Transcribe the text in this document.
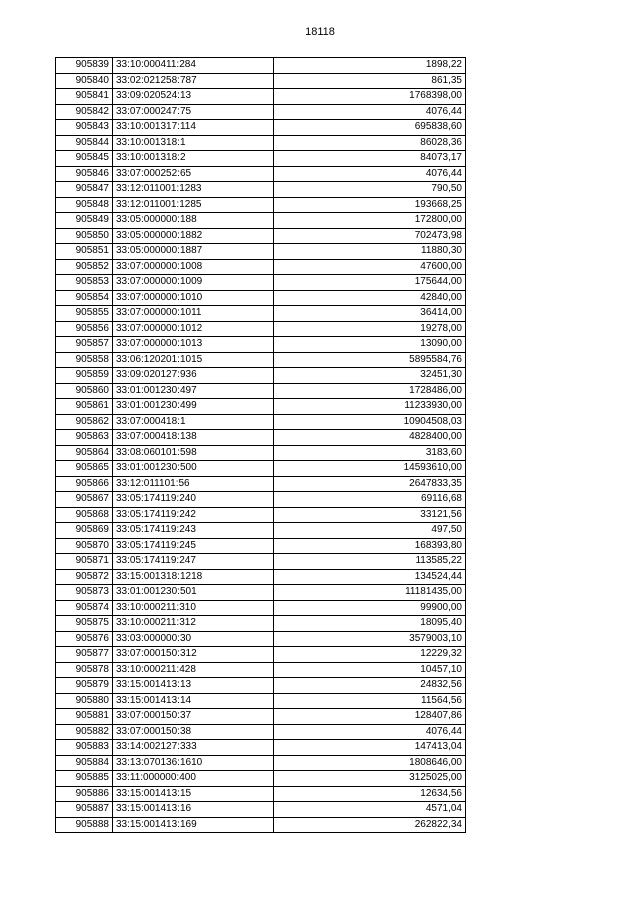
18118
905839	33:10:000411:284	1898,22
905840	33:02:021258:787	861,35
905841	33:09:020524:13	1768398,00
905842	33:07:000247:75	4076,44
905843	33:10:001317:114	695838,60
905844	33:10:001318:1	86028,36
905845	33:10:001318:2	84073,17
905846	33:07:000252:65	4076,44
905847	33:12:011001:1283	790,50
905848	33:12:011001:1285	193668,25
905849	33:05:000000:188	172800,00
905850	33:05:000000:1882	702473,98
905851	33:05:000000:1887	11880,30
905852	33:07:000000:1008	47600,00
905853	33:07:000000:1009	175644,00
905854	33:07:000000:1010	42840,00
905855	33:07:000000:1011	36414,00
905856	33:07:000000:1012	19278,00
905857	33:07:000000:1013	13090,00
905858	33:06:120201:1015	5895584,76
905859	33:09:020127:936	32451,30
905860	33:01:001230:497	1728486,00
905861	33:01:001230:499	11233930,00
905862	33:07:000418:1	10904508,03
905863	33:07:000418:138	4828400,00
905864	33:08:060101:598	3183,60
905865	33:01:001230:500	14593610,00
905866	33:12:011101:56	2647833,35
905867	33:05:174119:240	69116,68
905868	33:05:174119:242	33121,56
905869	33:05:174119:243	497,50
905870	33:05:174119:245	168393,80
905871	33:05:174119:247	113585,22
905872	33:15:001318:1218	134524,44
905873	33:01:001230:501	11181435,00
905874	33:10:000211:310	99900,00
905875	33:10:000211:312	18095,40
905876	33:03:000000:30	3579003,10
905877	33:07:000150:312	12229,32
905878	33:10:000211:428	10457,10
905879	33:15:001413:13	24832,56
905880	33:15:001413:14	11564,56
905881	33:07:000150:37	128407,86
905882	33:07:000150:38	4076,44
905883	33:14:002127:333	147413,04
905884	33:13:070136:1610	1808646,00
905885	33:11:000000:400	3125025,00
905886	33:15:001413:15	12634,56
905887	33:15:001413:16	4571,04
905888	33:15:001413:169	262822,34
